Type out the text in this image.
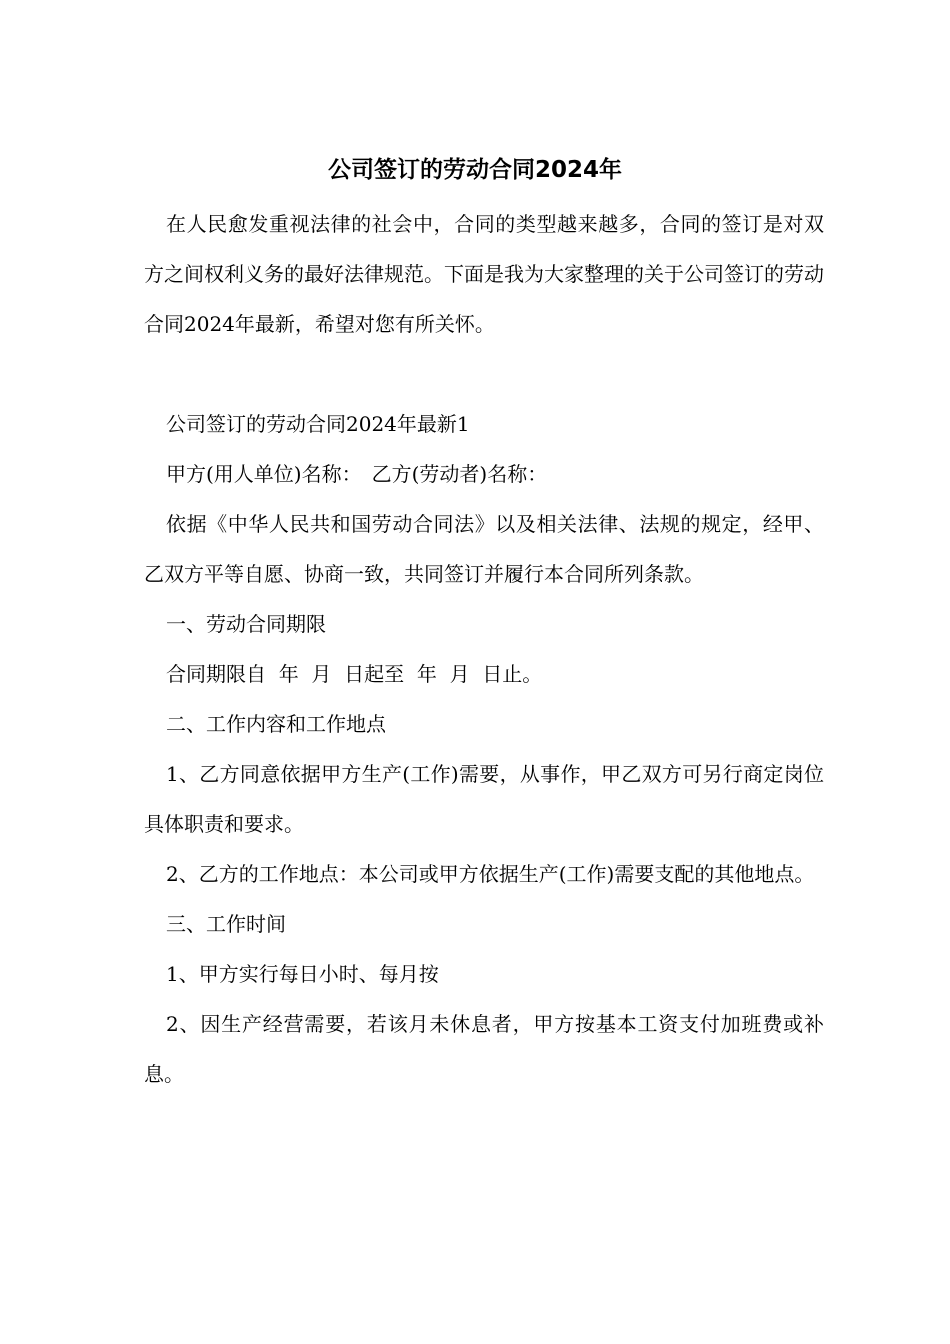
公司签订的劳动合同2024年

在人民愈发重视法律的社会中，合同的类型越来越多，合同的签订是对双方之间权利义务的最好法律规范。下面是我为大家整理的关于公司签订的劳动合同2024年最新，希望对您有所关怀。

公司签订的劳动合同2024年最新1

甲方(用人单位)名称：　乙方(劳动者)名称：

依据《中华人民共和国劳动合同法》以及相关法律、法规的规定，经甲、乙双方平等自愿、协商一致，共同签订并履行本合同所列条款。

一、劳动合同期限

合同期限自  年  月  日起至  年  月  日止。

二、工作内容和工作地点

1、乙方同意依据甲方生产(工作)需要，从事作，甲乙双方可另行商定岗位具体职责和要求。

2、乙方的工作地点：本公司或甲方依据生产(工作)需要支配的其他地点。

三、工作时间

1、甲方实行每日小时、每月按

2、因生产经营需要，若该月未休息者，甲方按基本工资支付加班费或补息。
